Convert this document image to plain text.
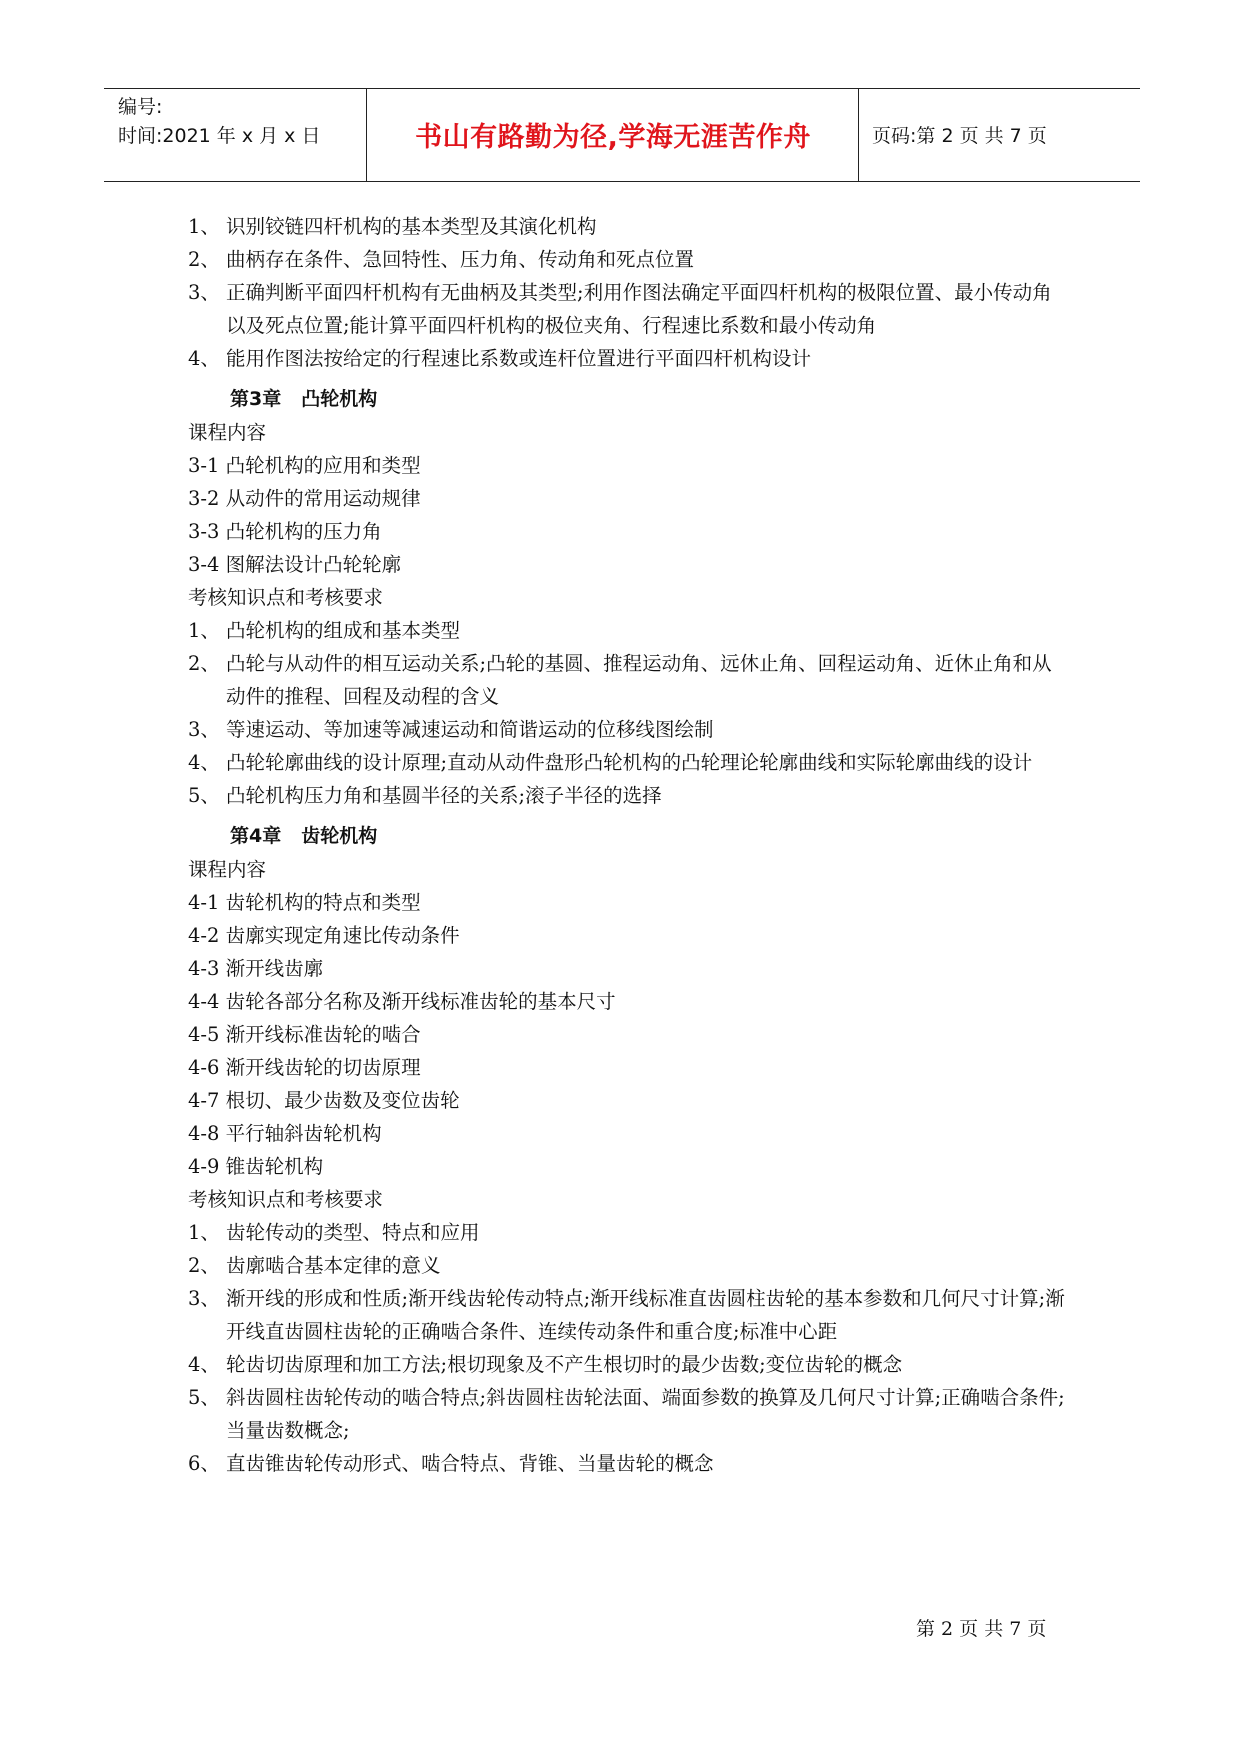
编号:
时间:2021 年 x 月 x 日	书山有路勤为径,学海无涯苦作舟	页码:第 2 页 共 7 页
1、 识别铰链四杆机构的基本类型及其演化机构
2、 曲柄存在条件、急回特性、压力角、传动角和死点位置
3、 正确判断平面四杆机构有无曲柄及其类型;利用作图法确定平面四杆机构的极限位置、最小传动角以及死点位置;能计算平面四杆机构的极位夹角、行程速比系数和最小传动角
4、 能用作图法按给定的行程速比系数或连杆位置进行平面四杆机构设计
第3章 凸轮机构
课程内容
3-1 凸轮机构的应用和类型
3-2 从动件的常用运动规律
3-3 凸轮机构的压力角
3-4 图解法设计凸轮轮廓
考核知识点和考核要求
1、 凸轮机构的组成和基本类型
2、 凸轮与从动件的相互运动关系;凸轮的基圆、推程运动角、远休止角、回程运动角、近休止角和从动件的推程、回程及动程的含义
3、 等速运动、等加速等减速运动和简谐运动的位移线图绘制
4、 凸轮轮廓曲线的设计原理;直动从动件盘形凸轮机构的凸轮理论轮廓曲线和实际轮廓曲线的设计
5、 凸轮机构压力角和基圆半径的关系;滚子半径的选择
第4章 齿轮机构
课程内容
4-1 齿轮机构的特点和类型
4-2 齿廓实现定角速比传动条件
4-3 渐开线齿廓
4-4 齿轮各部分名称及渐开线标准齿轮的基本尺寸
4-5 渐开线标准齿轮的啮合
4-6 渐开线齿轮的切齿原理
4-7 根切、最少齿数及变位齿轮
4-8 平行轴斜齿轮机构
4-9 锥齿轮机构
考核知识点和考核要求
1、 齿轮传动的类型、特点和应用
2、 齿廓啮合基本定律的意义
3、 渐开线的形成和性质;渐开线齿轮传动特点;渐开线标准直齿圆柱齿轮的基本参数和几何尺寸计算;渐开线直齿圆柱齿轮的正确啮合条件、连续传动条件和重合度;标准中心距
4、 轮齿切齿原理和加工方法;根切现象及不产生根切时的最少齿数;变位齿轮的概念
5、 斜齿圆柱齿轮传动的啮合特点;斜齿圆柱齿轮法面、端面参数的换算及几何尺寸计算;正确啮合条件;当量齿数概念;
6、 直齿锥齿轮传动形式、啮合特点、背锥、当量齿轮的概念
第 2 页 共 7 页
